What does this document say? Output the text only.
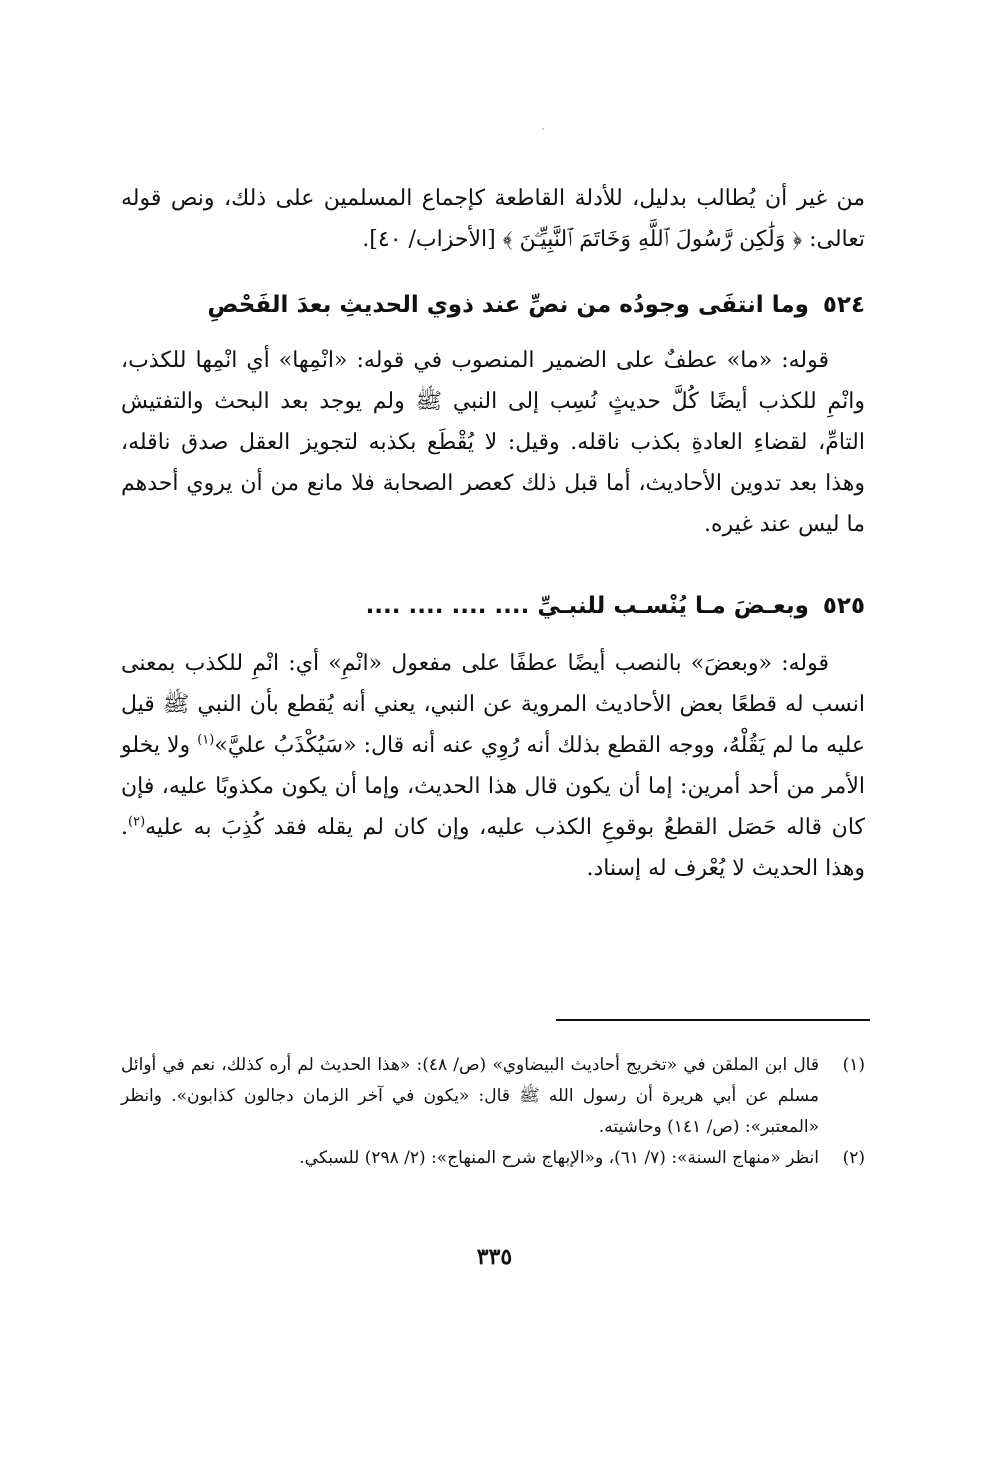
من غير أن يُطالب بدليل، للأدلة القاطعة كإجماع المسلمين على ذلك، ونص قوله تعالى: ﴿ وَلَٰكِن رَّسُولَ ٱللَّهِ وَخَاتَمَ ٱلنَّبِيِّـۧنَ ﴾ [الأحزاب/ ٤٠].

٥٢٤وما انتفَى وجودُه من نصِّ عند ذوي الحديثِ بعدَ الفَحْصِ

قوله: «ما» عطفٌ على الضمير المنصوب في قوله: «انْمِها» أي انْمِها للكذب، وانْمِ للكذب أيضًا كُلَّ حديثٍ نُسِب إلى النبي ﷺ ولم يوجد بعد البحث والتفتيش التامِّ، لقضاءِ العادةِ بكذب ناقله. وقيل: لا يُقْطَع بكذبه لتجويز العقل صدق ناقله، وهذا بعد تدوين الأحاديث، أما قبل ذلك كعصر الصحابة فلا مانع من أن يروي أحدهم ما ليس عند غيره.

٥٢٥وبعـضَ مـا يُنْسـب للنبـيِّ .... .... .... ....

قوله: «وبعضَ» بالنصب أيضًا عطفًا على مفعول «انْمِ» أي: انْمِ للكذب بمعنى انسب له قطعًا بعض الأحاديث المروية عن النبي، يعني أنه يُقطع بأن النبي ﷺ قيل عليه ما لم يَقُلْهُ، ووجه القطع بذلك أنه رُوِي عنه أنه قال: «سَيُكْذَبُ عليَّ»$^{(١)}$ ولا يخلو الأمر من أحد أمرين: إما أن يكون قال هذا الحديث، وإما أن يكون مكذوبًا عليه، فإن كان قاله حَصَل القطعُ بوقوعِ الكذب عليه، وإن كان لم يقله فقد كُذِبَ به عليه$^{(٢)}$. وهذا الحديث لا يُعْرف له إسناد.

(١)
قال ابن الملقن في «تخريج أحاديث البيضاوي» (ص/ ٤٨): «هذا الحديث لم أره كذلك، نعم في أوائل مسلم عن أبي هريرة أن رسول الله ﷺ قال: «يكون في آخر الزمان دجالون كذابون». وانظر «المعتبر»: (ص/ ١٤١) وحاشيته.

(٢)
انظر «منهاج السنة»: (٧/ ٦١)، و«الإبهاج شرح المنهاج»: (٢/ ٢٩٨) للسبكي.

٣٣٥
